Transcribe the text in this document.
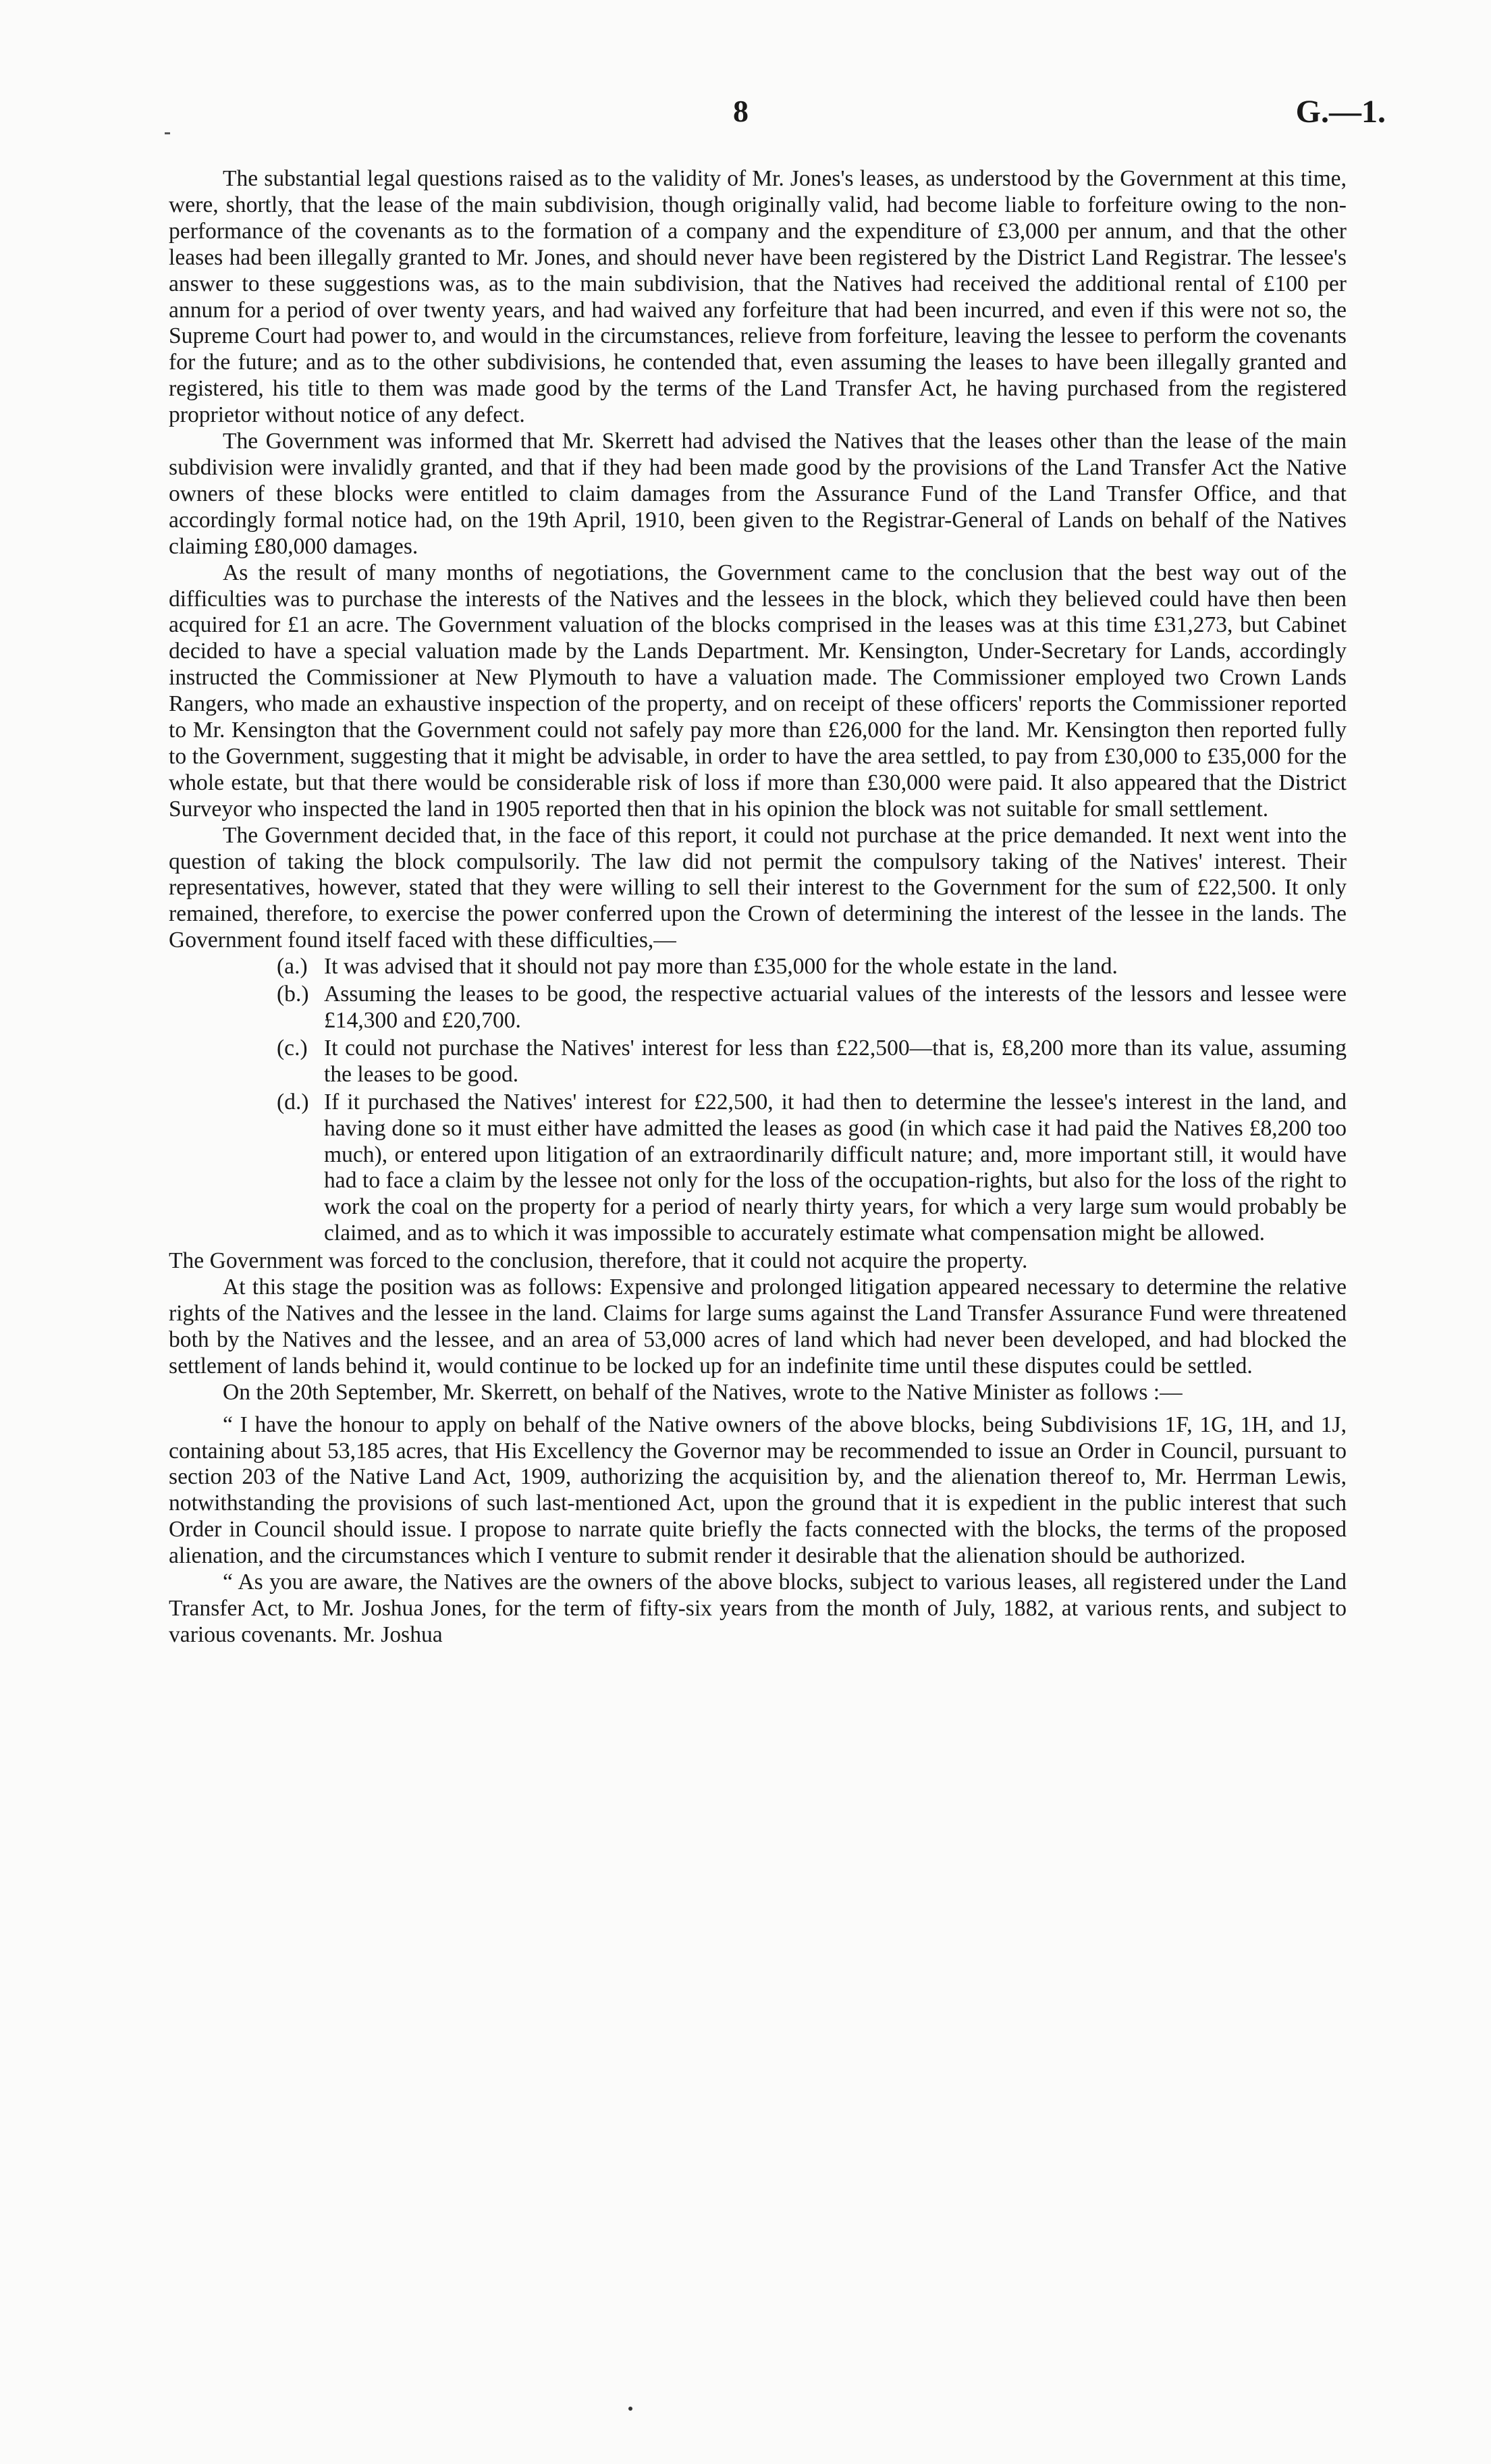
8	G.—1.

The substantial legal questions raised as to the validity of Mr. Jones's leases, as understood by the Government at this time, were, shortly, that the lease of the main subdivision, though originally valid, had become liable to forfeiture owing to the non-performance of the covenants as to the formation of a company and the expenditure of £3,000 per annum, and that the other leases had been illegally granted to Mr. Jones, and should never have been registered by the District Land Registrar. The lessee's answer to these suggestions was, as to the main subdivision, that the Natives had received the additional rental of £100 per annum for a period of over twenty years, and had waived any forfeiture that had been incurred, and even if this were not so, the Supreme Court had power to, and would in the circumstances, relieve from forfeiture, leaving the lessee to perform the covenants for the future; and as to the other subdivisions, he contended that, even assuming the leases to have been illegally granted and registered, his title to them was made good by the terms of the Land Transfer Act, he having purchased from the registered proprietor without notice of any defect.

The Government was informed that Mr. Skerrett had advised the Natives that the leases other than the lease of the main subdivision were invalidly granted, and that if they had been made good by the provisions of the Land Transfer Act the Native owners of these blocks were entitled to claim damages from the Assurance Fund of the Land Transfer Office, and that accordingly formal notice had, on the 19th April, 1910, been given to the Registrar-General of Lands on behalf of the Natives claiming £80,000 damages.

As the result of many months of negotiations, the Government came to the conclusion that the best way out of the difficulties was to purchase the interests of the Natives and the lessees in the block, which they believed could have then been acquired for £1 an acre. The Government valuation of the blocks comprised in the leases was at this time £31,273, but Cabinet decided to have a special valuation made by the Lands Department. Mr. Kensington, Under-Secretary for Lands, accordingly instructed the Commissioner at New Plymouth to have a valuation made. The Commissioner employed two Crown Lands Rangers, who made an exhaustive inspection of the property, and on receipt of these officers' reports the Commissioner reported to Mr. Kensington that the Government could not safely pay more than £26,000 for the land. Mr. Kensington then reported fully to the Government, suggesting that it might be advisable, in order to have the area settled, to pay from £30,000 to £35,000 for the whole estate, but that there would be considerable risk of loss if more than £30,000 were paid. It also appeared that the District Surveyor who inspected the land in 1905 reported then that in his opinion the block was not suitable for small settlement.

The Government decided that, in the face of this report, it could not purchase at the price demanded. It next went into the question of taking the block compulsorily. The law did not permit the compulsory taking of the Natives' interest. Their representatives, however, stated that they were willing to sell their interest to the Government for the sum of £22,500. It only remained, therefore, to exercise the power conferred upon the Crown of determining the interest of the lessee in the lands. The Government found itself faced with these difficulties,—

(a.) It was advised that it should not pay more than £35,000 for the whole estate in the land.
(b.) Assuming the leases to be good, the respective actuarial values of the interests of the lessors and lessee were £14,300 and £20,700.
(c.) It could not purchase the Natives' interest for less than £22,500—that is, £8,200 more than its value, assuming the leases to be good.
(d.) If it purchased the Natives' interest for £22,500, it had then to determine the lessee's interest in the land, and having done so it must either have admitted the leases as good (in which case it had paid the Natives £8,200 too much), or entered upon litigation of an extraordinarily difficult nature; and, more important still, it would have had to face a claim by the lessee not only for the loss of the occupation-rights, but also for the loss of the right to work the coal on the property for a period of nearly thirty years, for which a very large sum would probably be claimed, and as to which it was impossible to accurately estimate what compensation might be allowed.

The Government was forced to the conclusion, therefore, that it could not acquire the property.

At this stage the position was as follows: Expensive and prolonged litigation appeared necessary to determine the relative rights of the Natives and the lessee in the land. Claims for large sums against the Land Transfer Assurance Fund were threatened both by the Natives and the lessee, and an area of 53,000 acres of land which had never been developed, and had blocked the settlement of lands behind it, would continue to be locked up for an indefinite time until these disputes could be settled.

On the 20th September, Mr. Skerrett, on behalf of the Natives, wrote to the Native Minister as follows :—

“ I have the honour to apply on behalf of the Native owners of the above blocks, being Subdivisions 1F, 1G, 1H, and 1J, containing about 53,185 acres, that His Excellency the Governor may be recommended to issue an Order in Council, pursuant to section 203 of the Native Land Act, 1909, authorizing the acquisition by, and the alienation thereof to, Mr. Herrman Lewis, notwithstanding the provisions of such last-mentioned Act, upon the ground that it is expedient in the public interest that such Order in Council should issue. I propose to narrate quite briefly the facts connected with the blocks, the terms of the proposed alienation, and the circumstances which I venture to submit render it desirable that the alienation should be authorized.

“ As you are aware, the Natives are the owners of the above blocks, subject to various leases, all registered under the Land Transfer Act, to Mr. Joshua Jones, for the term of fifty-six years from the month of July, 1882, at various rents, and subject to various covenants. Mr. Joshua
